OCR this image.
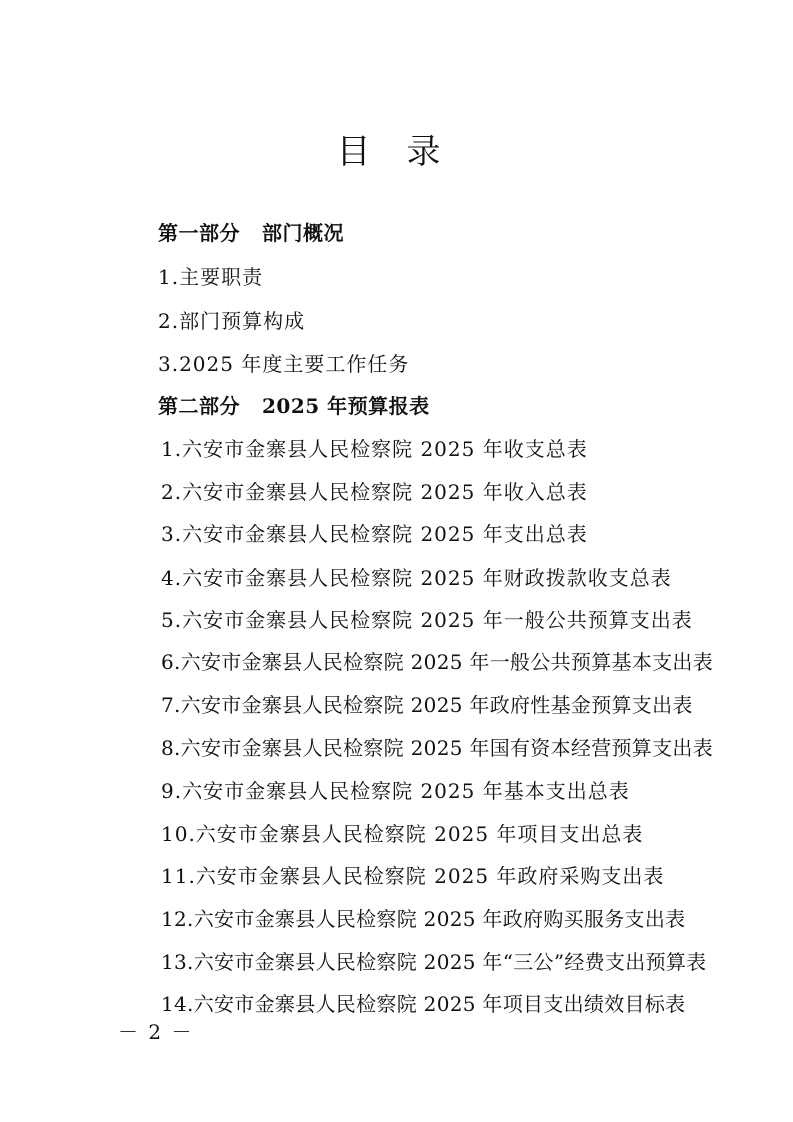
目录
第一部分 部门概况
1.主要职责
2.部门预算构成
3.2025 年度主要工作任务
第二部分 2025 年预算报表
1.六安市金寨县人民检察院 2025 年收支总表
2.六安市金寨县人民检察院 2025 年收入总表
3.六安市金寨县人民检察院 2025 年支出总表
4.六安市金寨县人民检察院 2025 年财政拨款收支总表
5.六安市金寨县人民检察院 2025 年一般公共预算支出表
6.六安市金寨县人民检察院 2025 年一般公共预算基本支出表
7.六安市金寨县人民检察院 2025 年政府性基金预算支出表
8.六安市金寨县人民检察院 2025 年国有资本经营预算支出表
9.六安市金寨县人民检察院 2025 年基本支出总表
10.六安市金寨县人民检察院 2025 年项目支出总表
11.六安市金寨县人民检察院 2025 年政府采购支出表
12.六安市金寨县人民检察院 2025 年政府购买服务支出表
13.六安市金寨县人民检察院 2025 年“三公”经费支出预算表
14.六安市金寨县人民检察院 2025 年项目支出绩效目标表
－ 2 －
